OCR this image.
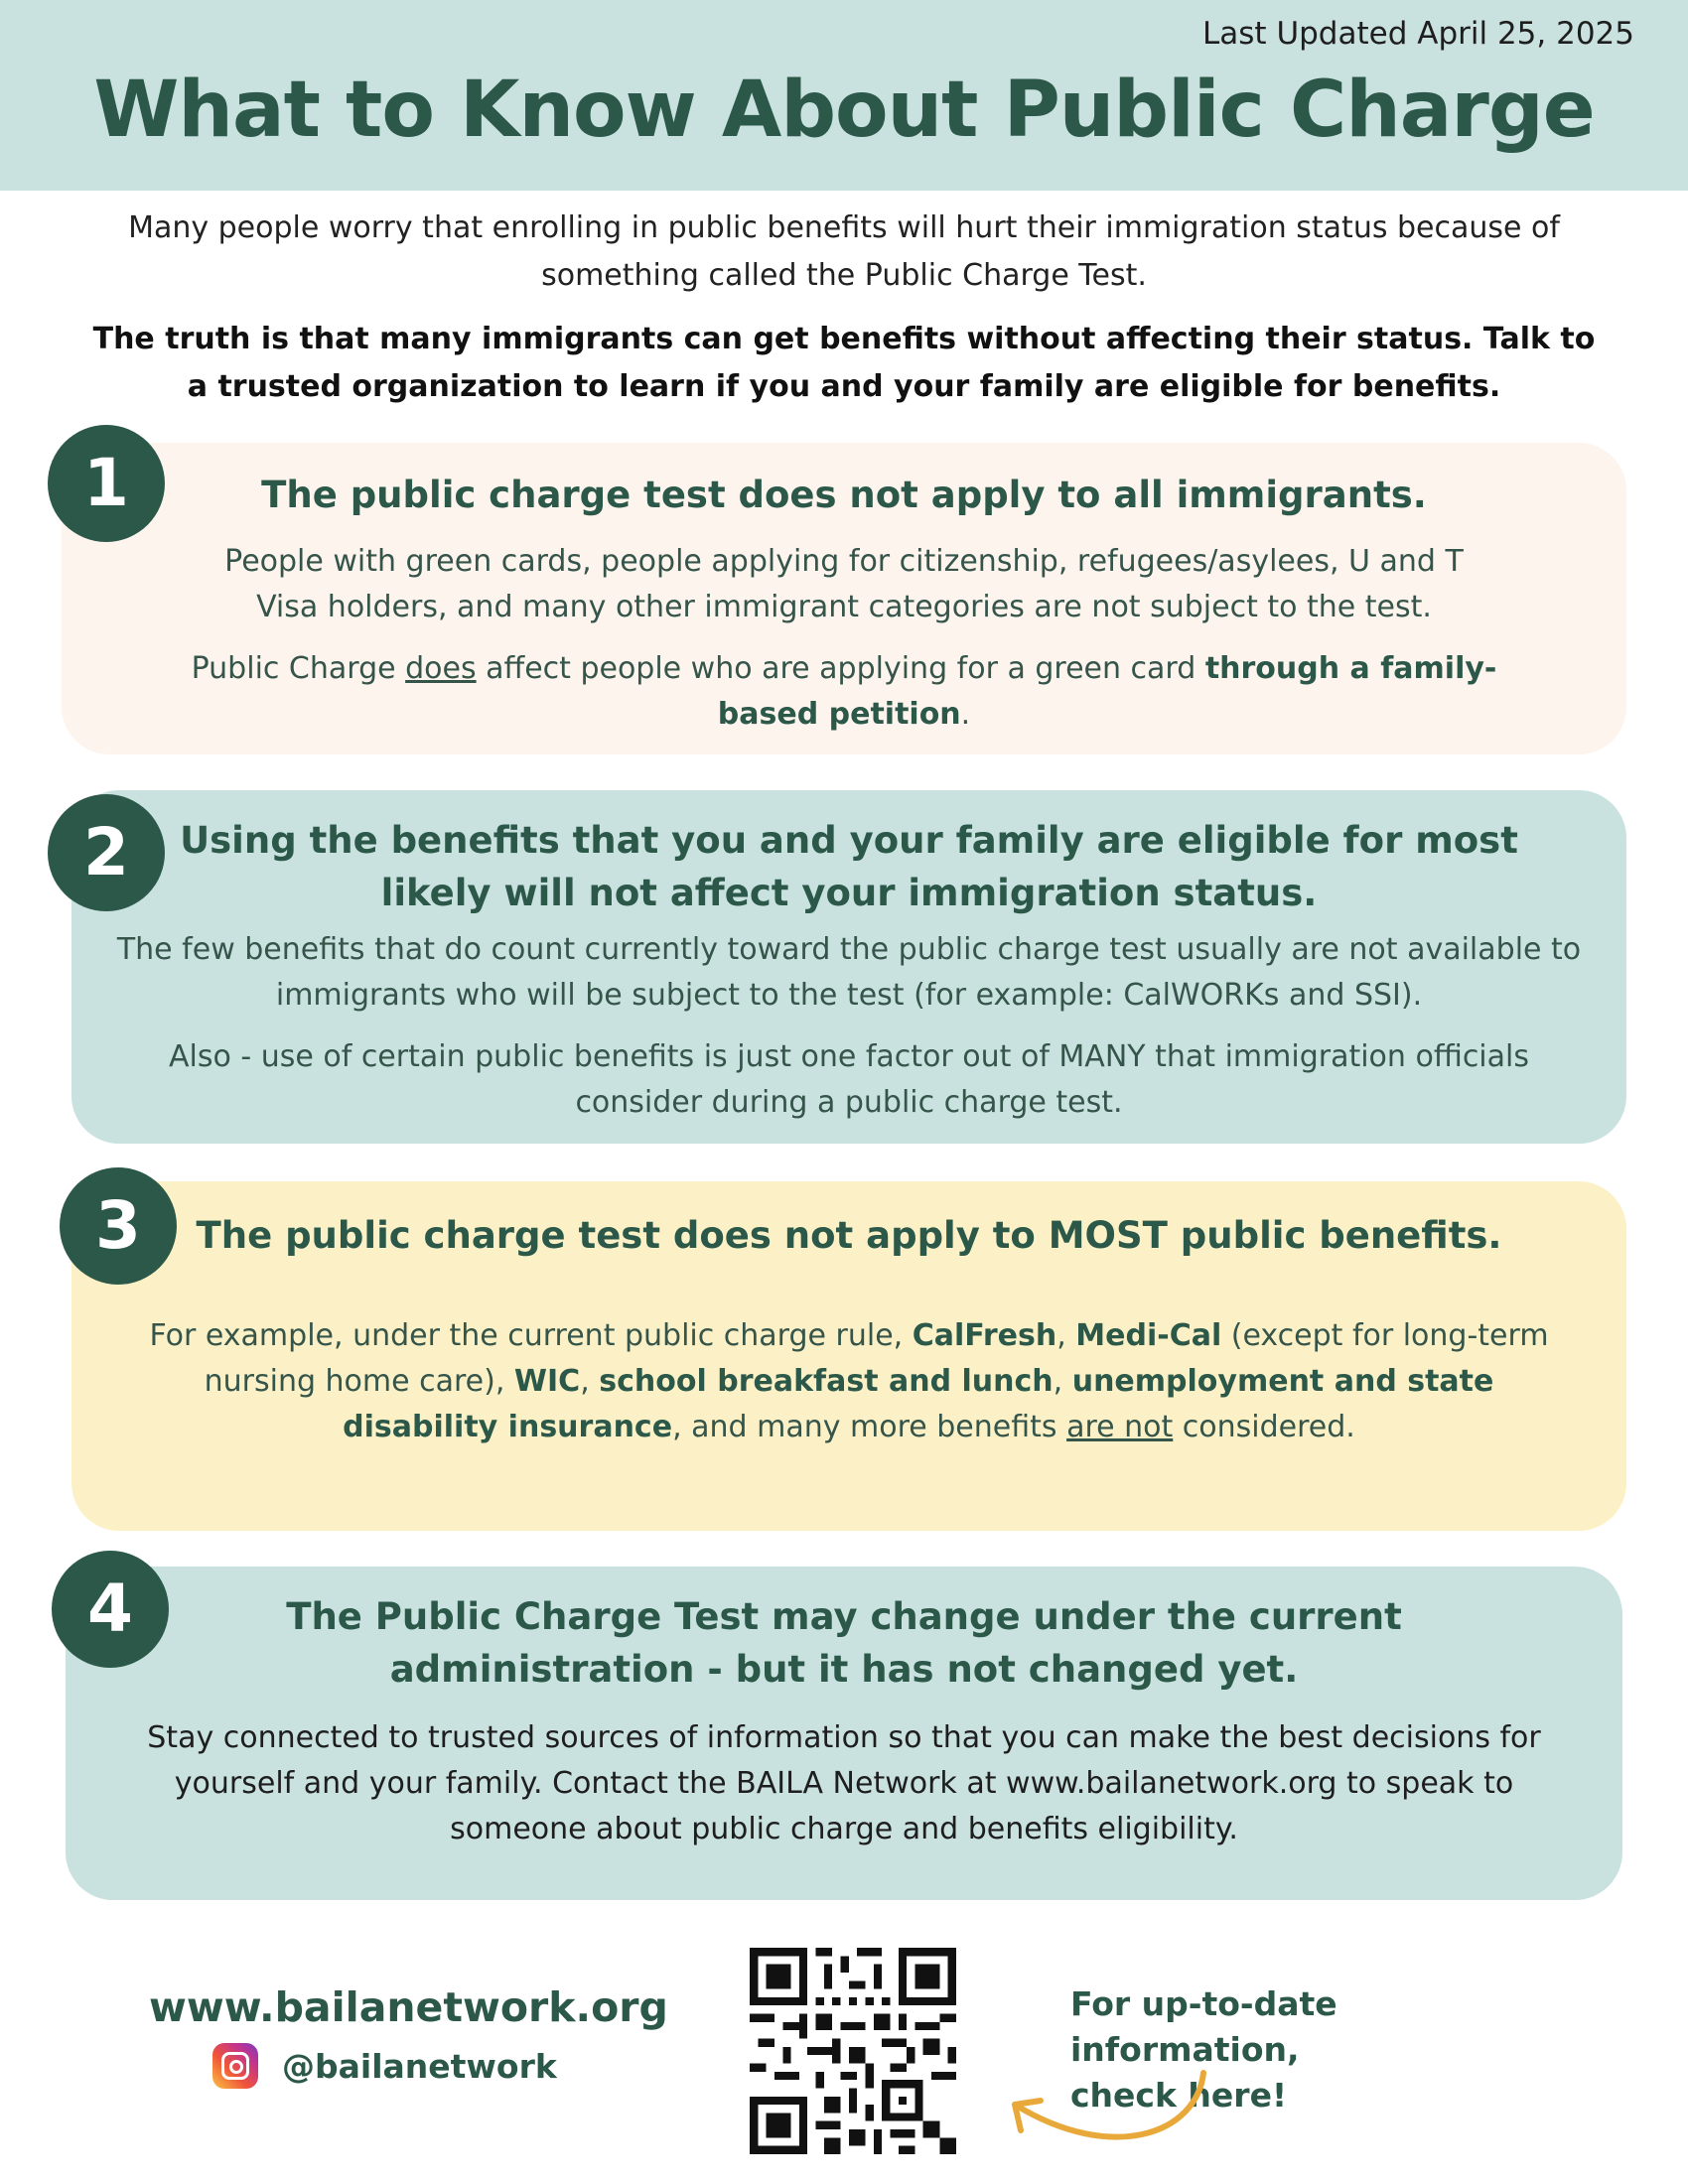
Last Updated April 25, 2025
What to Know About Public Charge
Many people worry that enrolling in public benefits will hurt their immigration status because of something called the Public Charge Test.
The truth is that many immigrants can get benefits without affecting their status. Talk to a trusted organization to learn if you and your family are eligible for benefits.
The public charge test does not apply to all immigrants.

People with green cards, people applying for citizenship, refugees/asylees, U and T Visa holders, and many other immigrant categories are not subject to the test.

Public Charge does affect people who are applying for a green card through a family-based petition.

1
Using the benefits that you and your family are eligible for most
likely will not affect your immigration status.

The few benefits that do count currently toward the public charge test usually are not available to immigrants who will be subject to the test (for example: CalWORKs and SSI).

Also - use of certain public benefits is just one factor out of MANY that immigration officials consider during a public charge test.

2
The public charge test does not apply to MOST public benefits.

For example, under the current public charge rule, CalFresh, Medi-Cal (except for long-term nursing home care), WIC, school breakfast and lunch, unemployment and state disability insurance, and many more benefits are not considered.

3
The Public Charge Test may change under the current
administration - but it has not changed yet.

Stay connected to trusted sources of information so that you can make the best decisions for yourself and your family. Contact the BAILA Network at www.bailanetwork.org to speak to someone about public charge and benefits eligibility.

4
www.bailanetwork.org
@bailanetwork
For up-to-date information,
check here!
